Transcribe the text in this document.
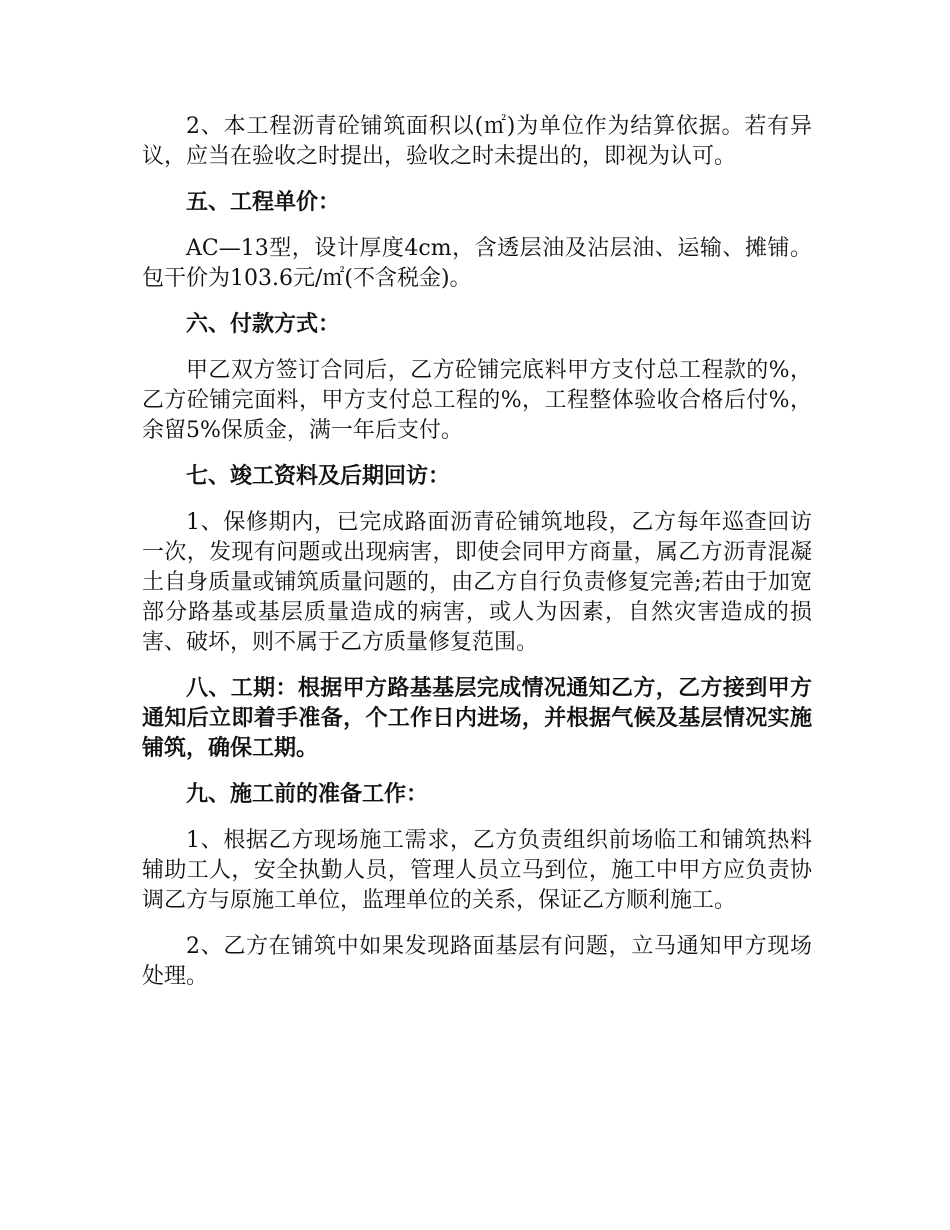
2、本工程沥青砼铺筑面积以(㎡)为单位作为结算依据。若有异议，应当在验收之时提出，验收之时未提出的，即视为认可。

五、工程单价：

AC—13型，设计厚度4cm，含透层油及沾层油、运输、摊铺。包干价为103.6元/㎡(不含税金)。

六、付款方式：

甲乙双方签订合同后，乙方砼铺完底料甲方支付总工程款的%，乙方砼铺完面料，甲方支付总工程的%，工程整体验收合格后付%，余留5%保质金，满一年后支付。

七、竣工资料及后期回访：

1、保修期内，已完成路面沥青砼铺筑地段，乙方每年巡查回访一次，发现有问题或出现病害，即使会同甲方商量，属乙方沥青混凝土自身质量或铺筑质量问题的，由乙方自行负责修复完善;若由于加宽部分路基或基层质量造成的病害，或人为因素，自然灾害造成的损害、破坏，则不属于乙方质量修复范围。

八、工期：根据甲方路基基层完成情况通知乙方，乙方接到甲方通知后立即着手准备，个工作日内进场，并根据气候及基层情况实施铺筑，确保工期。

九、施工前的准备工作：

1、根据乙方现场施工需求，乙方负责组织前场临工和铺筑热料辅助工人，安全执勤人员，管理人员立马到位，施工中甲方应负责协调乙方与原施工单位，监理单位的关系，保证乙方顺利施工。

2、乙方在铺筑中如果发现路面基层有问题，立马通知甲方现场处理。
